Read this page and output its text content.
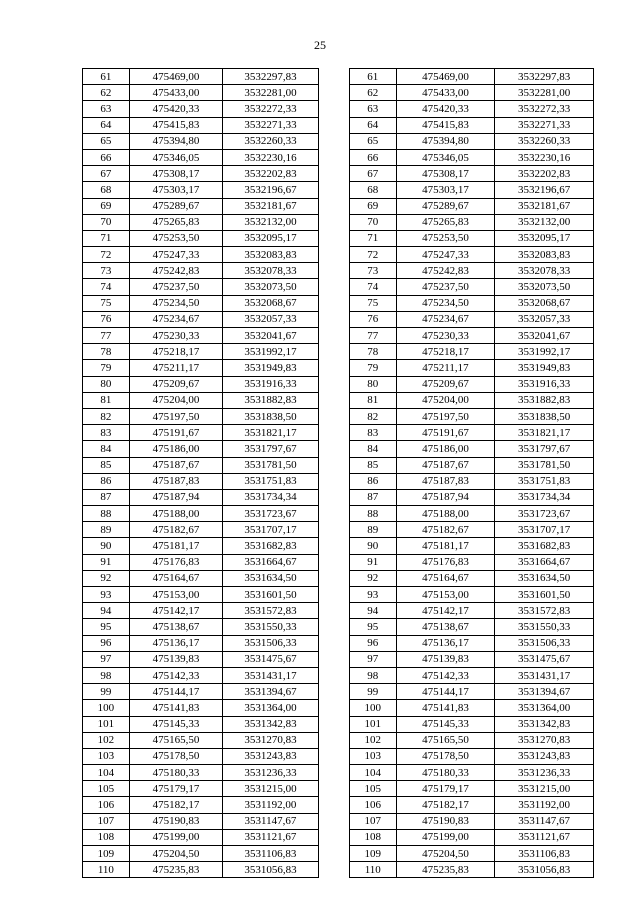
25
61	475469,00	3532297,83		61	475469,00	3532297,83
62	475433,00	3532281,00		62	475433,00	3532281,00
63	475420,33	3532272,33		63	475420,33	3532272,33
64	475415,83	3532271,33		64	475415,83	3532271,33
65	475394,80	3532260,33		65	475394,80	3532260,33
66	475346,05	3532230,16		66	475346,05	3532230,16
67	475308,17	3532202,83		67	475308,17	3532202,83
68	475303,17	3532196,67		68	475303,17	3532196,67
69	475289,67	3532181,67		69	475289,67	3532181,67
70	475265,83	3532132,00		70	475265,83	3532132,00
71	475253,50	3532095,17		71	475253,50	3532095,17
72	475247,33	3532083,83		72	475247,33	3532083,83
73	475242,83	3532078,33		73	475242,83	3532078,33
74	475237,50	3532073,50		74	475237,50	3532073,50
75	475234,50	3532068,67		75	475234,50	3532068,67
76	475234,67	3532057,33		76	475234,67	3532057,33
77	475230,33	3532041,67		77	475230,33	3532041,67
78	475218,17	3531992,17		78	475218,17	3531992,17
79	475211,17	3531949,83		79	475211,17	3531949,83
80	475209,67	3531916,33		80	475209,67	3531916,33
81	475204,00	3531882,83		81	475204,00	3531882,83
82	475197,50	3531838,50		82	475197,50	3531838,50
83	475191,67	3531821,17		83	475191,67	3531821,17
84	475186,00	3531797,67		84	475186,00	3531797,67
85	475187,67	3531781,50		85	475187,67	3531781,50
86	475187,83	3531751,83		86	475187,83	3531751,83
87	475187,94	3531734,34		87	475187,94	3531734,34
88	475188,00	3531723,67		88	475188,00	3531723,67
89	475182,67	3531707,17		89	475182,67	3531707,17
90	475181,17	3531682,83		90	475181,17	3531682,83
91	475176,83	3531664,67		91	475176,83	3531664,67
92	475164,67	3531634,50		92	475164,67	3531634,50
93	475153,00	3531601,50		93	475153,00	3531601,50
94	475142,17	3531572,83		94	475142,17	3531572,83
95	475138,67	3531550,33		95	475138,67	3531550,33
96	475136,17	3531506,33		96	475136,17	3531506,33
97	475139,83	3531475,67		97	475139,83	3531475,67
98	475142,33	3531431,17		98	475142,33	3531431,17
99	475144,17	3531394,67		99	475144,17	3531394,67
100	475141,83	3531364,00		100	475141,83	3531364,00
101	475145,33	3531342,83		101	475145,33	3531342,83
102	475165,50	3531270,83		102	475165,50	3531270,83
103	475178,50	3531243,83		103	475178,50	3531243,83
104	475180,33	3531236,33		104	475180,33	3531236,33
105	475179,17	3531215,00		105	475179,17	3531215,00
106	475182,17	3531192,00		106	475182,17	3531192,00
107	475190,83	3531147,67		107	475190,83	3531147,67
108	475199,00	3531121,67		108	475199,00	3531121,67
109	475204,50	3531106,83		109	475204,50	3531106,83
110	475235,83	3531056,83		110	475235,83	3531056,83
